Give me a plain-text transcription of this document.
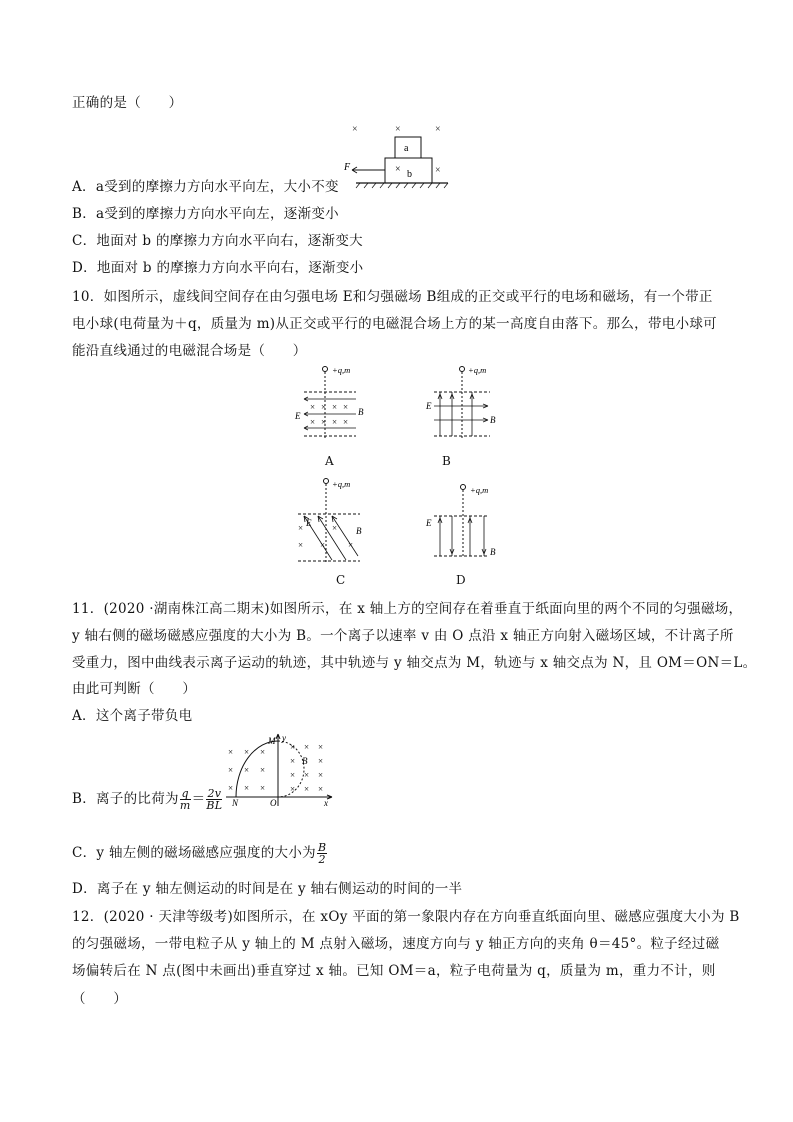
正确的是（　　）
×	×	×
×
a
× b
F
A．a受到的摩擦力方向水平向左，大小不变
B．a受到的摩擦力方向水平向左，逐渐变小
C．地面对 b 的摩擦力方向水平向右，逐渐变大
D．地面对 b 的摩擦力方向水平向右，逐渐变小
10．如图所示，虚线间空间存在由匀强电场 E和匀强磁场 B组成的正交或平行的电场和磁场，有一个带正
电小球(电荷量为＋q，质量为 m)从正交或平行的电磁混合场上方的某一高度自由落下。那么，带电小球可
能沿直线通过的电磁混合场是（　　）
+q,m
× × × ×
× × × ×
E	B
A
+q,m
E
B
B
+q,m
×	×
× ×	×
E
B
C
+q,m
E
B
D
11．(2020 ·湖南株江高二期末)如图所示，在 x 轴上方的空间存在着垂直于纸面向里的两个不同的匀强磁场，
y 轴右侧的磁场磁感应强度的大小为 B。一个离子以速率 v 由 O 点沿 x 轴正方向射入磁场区域，不计离子所
受重力，图中曲线表示离子运动的轨迹，其中轨迹与 y 轴交点为 M，轨迹与 x 轴交点为 N，且 OM＝ON＝L。
由此可判断（　　）
A．这个离子带负电
× × ×
× × ×
× × ×
× × ×
×	×
× × ×
× × ×
M y
B
N	O	x
B．离子的比荷为 $\frac{q}{m} = \frac{2v}{BL}$
C．y 轴左侧的磁场磁感应强度的大小为 $\frac{B}{2}$
D．离子在 y 轴左侧运动的时间是在 y 轴右侧运动的时间的一半
12．(2020 · 天津等级考)如图所示，在 xOy 平面的第一象限内存在方向垂直纸面向里、磁感应强度大小为 B
的匀强磁场，一带电粒子从 y 轴上的 M 点射入磁场，速度方向与 y 轴正方向的夹角 θ＝45°。粒子经过磁
场偏转后在 N 点(图中未画出)垂直穿过 x 轴。已知 OM＝a，粒子电荷量为 q，质量为 m，重力不计，则
（　　）
